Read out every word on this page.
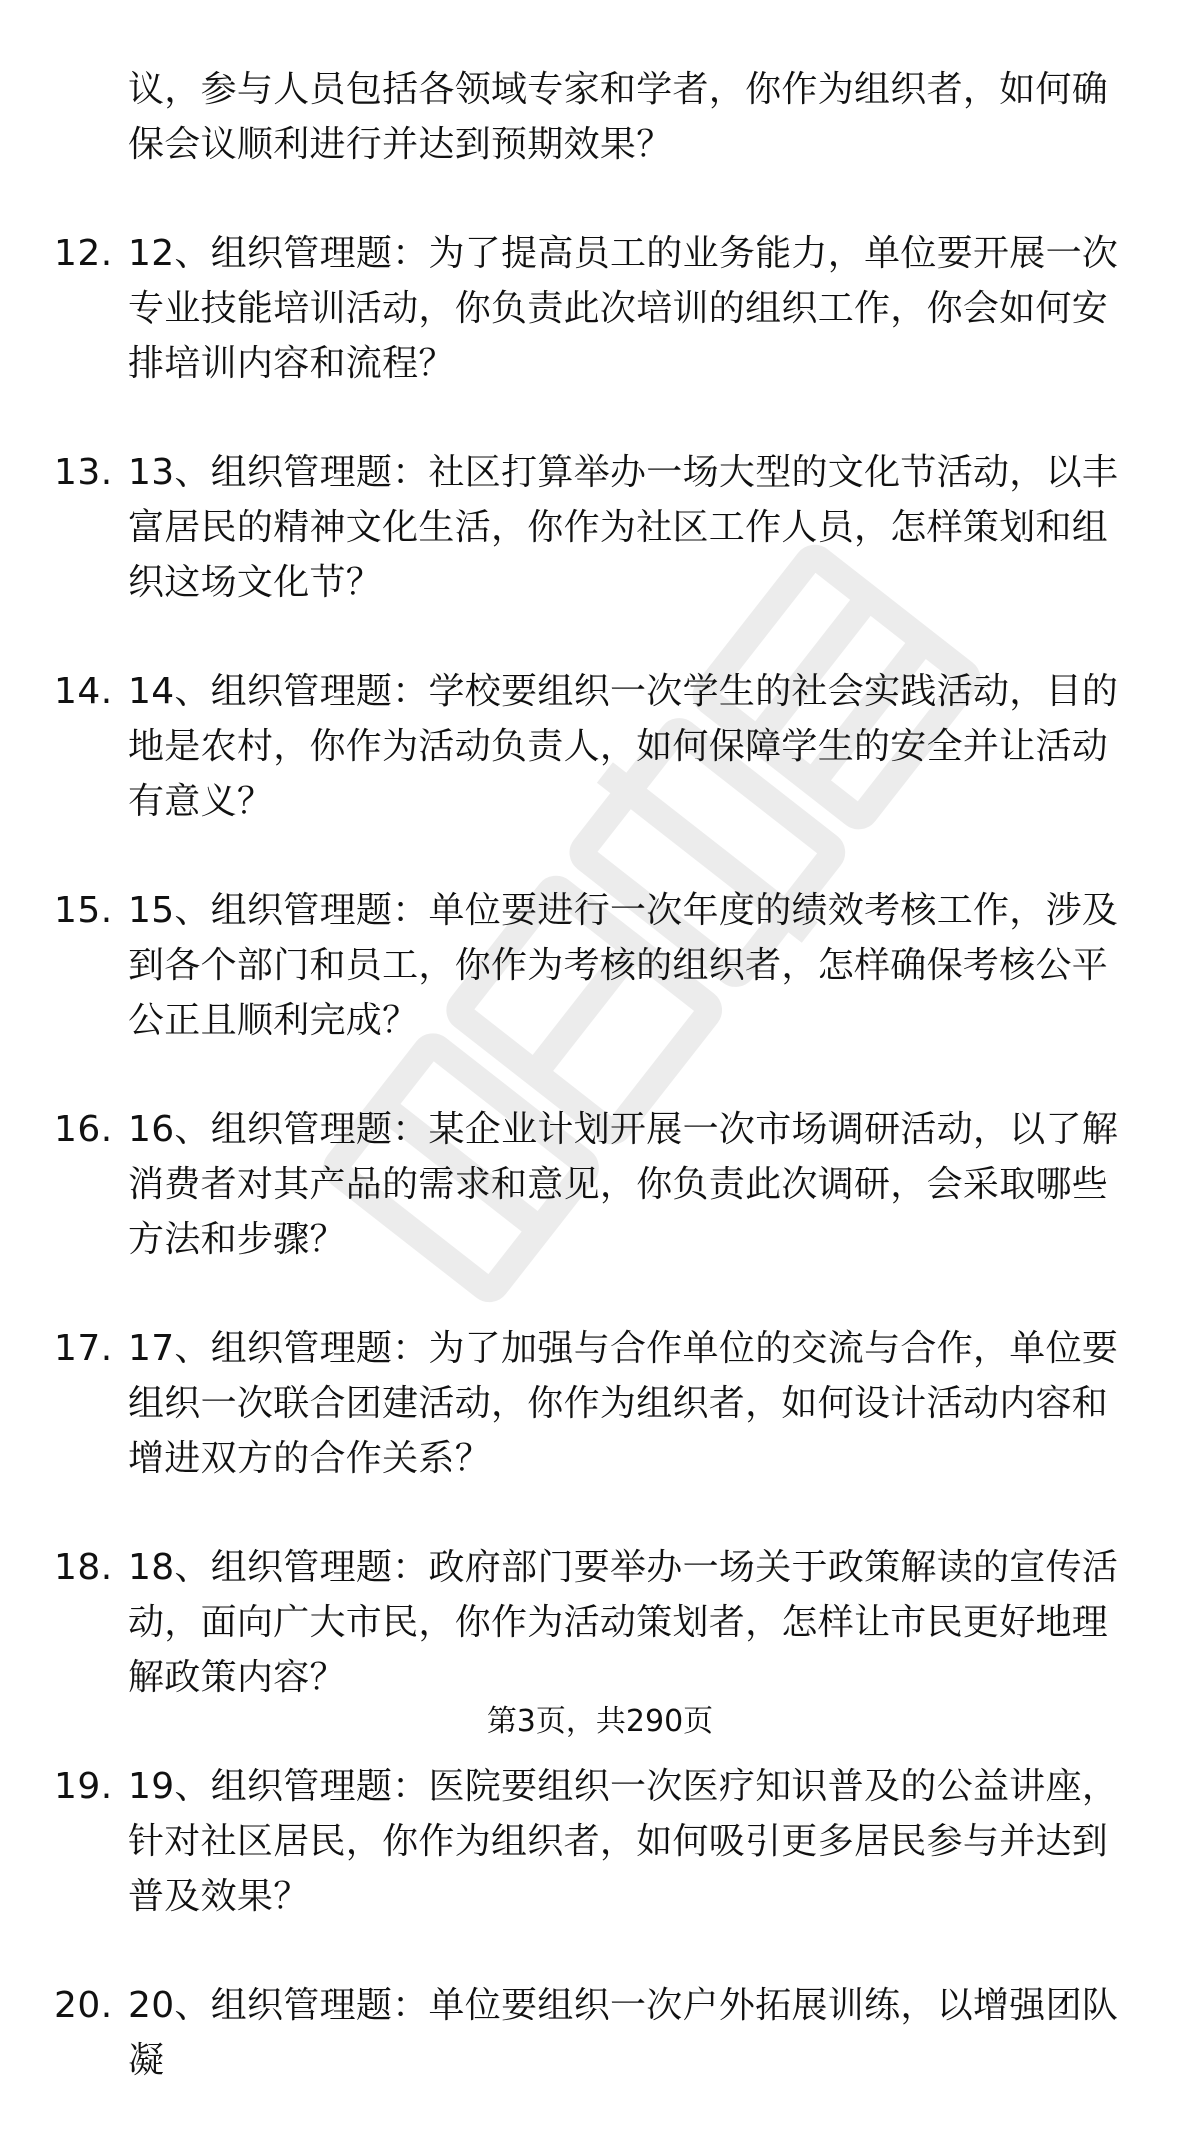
议，参与人员包括各领域专家和学者，你作为组织者，如何确保会议顺利进行并达到预期效果？
12. 12、组织管理题：为了提高员工的业务能力，单位要开展一次专业技能培训活动，你负责此次培训的组织工作，你会如何安排培训内容和流程？
13. 13、组织管理题：社区打算举办一场大型的文化节活动，以丰富居民的精神文化生活，你作为社区工作人员，怎样策划和组织这场文化节？
14. 14、组织管理题：学校要组织一次学生的社会实践活动，目的地是农村，你作为活动负责人，如何保障学生的安全并让活动有意义？
15. 15、组织管理题：单位要进行一次年度的绩效考核工作，涉及到各个部门和员工，你作为考核的组织者，怎样确保考核公平公正且顺利完成？
16. 16、组织管理题：某企业计划开展一次市场调研活动，以了解消费者对其产品的需求和意见，你负责此次调研，会采取哪些方法和步骤？
17. 17、组织管理题：为了加强与合作单位的交流与合作，单位要组织一次联合团建活动，你作为组织者，如何设计活动内容和增进双方的合作关系？
18. 18、组织管理题：政府部门要举办一场关于政策解读的宣传活动，面向广大市民，你作为活动策划者，怎样让市民更好地理解政策内容？
19. 19、组织管理题：医院要组织一次医疗知识普及的公益讲座，针对社区居民，你作为组织者，如何吸引更多居民参与并达到普及效果？
20. 20、组织管理题：单位要组织一次户外拓展训练，以增强团队凝
第3页，共290页
